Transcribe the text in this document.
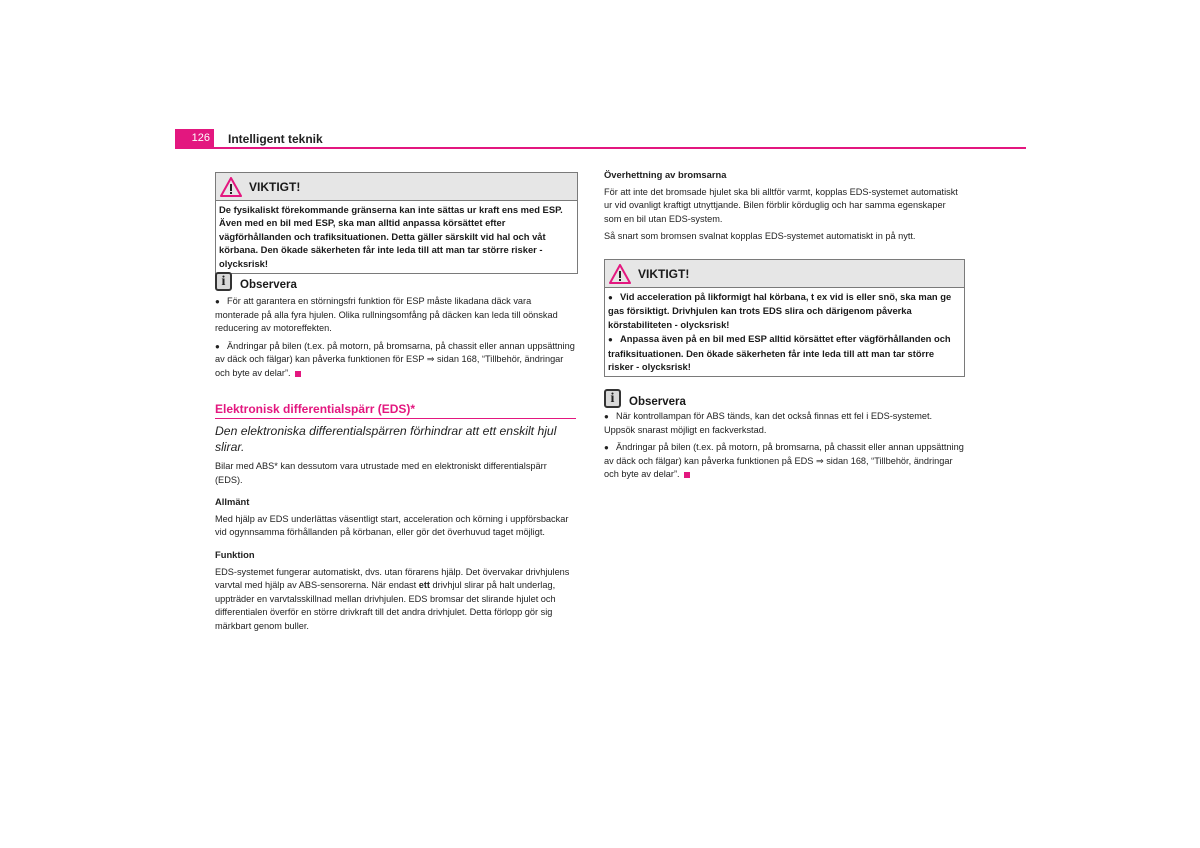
126	Intelligent teknik
VIKTIGT!

De fysikaliskt förekommande gränserna kan inte sättas ur kraft ens med ESP. Även med en bil med ESP, ska man alltid anpassa körsättet efter vägförhållanden och trafiksituationen. Detta gäller särskilt vid hal och våt körbana. Den ökade säkerheten får inte leda till att man tar större risker - olycksrisk!

i Observera

● För att garantera en störningsfri funktion för ESP måste likadana däck vara monterade på alla fyra hjulen. Olika rullningsomfång på däcken kan leda till oönskad reducering av motoreffekten.

● Ändringar på bilen (t.ex. på motorn, på bromsarna, på chassit eller annan uppsättning av däck och fälgar) kan påverka funktionen för ESP ⇒ sidan 168, “Tillbehör, ändringar och byte av delar”.

Elektronisk differentialspärr (EDS)*
Den elektroniska differentialspärren förhindrar att ett enskilt hjul slirar.

Bilar med ABS* kan dessutom vara utrustade med en elektroniskt differentialspärr (EDS).

Allmänt

Med hjälp av EDS underlättas väsentligt start, acceleration och körning i uppförsbackar vid ogynnsamma förhållanden på körbanan, eller gör det överhuvud taget möjligt.

Funktion

EDS-systemet fungerar automatiskt, dvs. utan förarens hjälp. Det övervakar drivhjulens varvtal med hjälp av ABS-sensorerna. När endast ett drivhjul slirar på halt underlag, uppträder en varvtalsskillnad mellan drivhjulen. EDS bromsar det slirande hjulet och differentialen överför en större drivkraft till det andra drivhjulet. Detta förlopp gör sig märkbart genom buller.

Överhettning av bromsarna

För att inte det bromsade hjulet ska bli alltför varmt, kopplas EDS-systemet automatiskt ur vid ovanligt kraftigt utnyttjande. Bilen förblir körduglig och har samma egenskaper som en bil utan EDS-system.

Så snart som bromsen svalnat kopplas EDS-systemet automatiskt in på nytt.

VIKTIGT!

● Vid acceleration på likformigt hal körbana, t ex vid is eller snö, ska man ge gas försiktigt. Drivhjulen kan trots EDS slira och därigenom påverka körstabiliteten - olycksrisk!

● Anpassa även på en bil med ESP alltid körsättet efter vägförhållanden och trafiksituationen. Den ökade säkerheten får inte leda till att man tar större risker - olycksrisk!

i Observera

● När kontrollampan för ABS tänds, kan det också finnas ett fel i EDS-systemet. Uppsök snarast möjligt en fackverkstad.

● Ändringar på bilen (t.ex. på motorn, på bromsarna, på chassit eller annan uppsättning av däck och fälgar) kan påverka funktionen på EDS ⇒ sidan 168, “Tillbehör, ändringar och byte av delar”.
